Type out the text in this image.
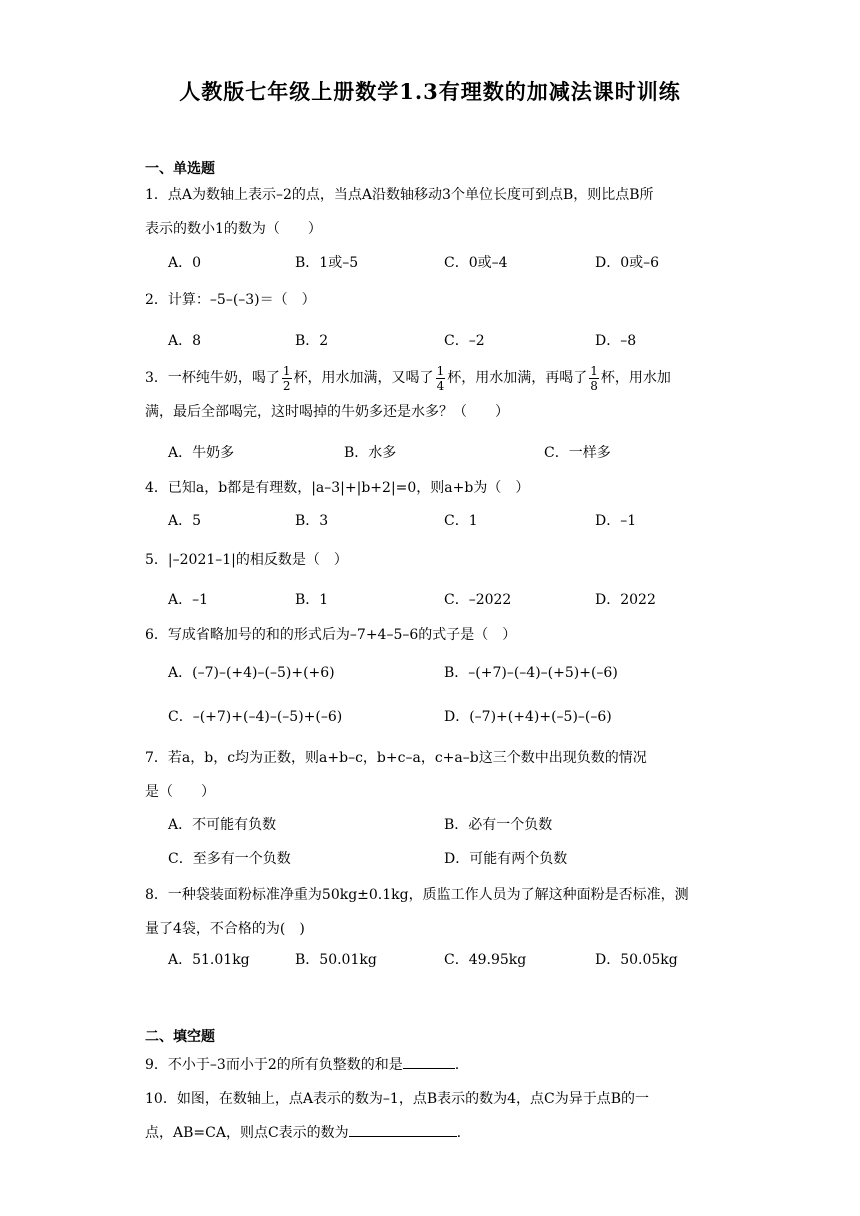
人教版七年级上册数学1.3有理数的加减法课时训练
一、单选题
1．点A为数轴上表示–2的点，当点A沿数轴移动3个单位长度可到点B，则比点B所
表示的数小1的数为（　　）
A．0	B．1或–5	C．0或–4	D．0或–6
2．计算：–5–(–3)＝（　）
A．8	B．2	C．–2	D．–8
3．一杯纯牛奶，喝了 $\frac{1}{2}$ 杯，用水加满，又喝了 $\frac{1}{4}$ 杯，用水加满，再喝了 $\frac{1}{8}$ 杯，用水加
满，最后全部喝完，这时喝掉的牛奶多还是水多？（　　）
A．牛奶多	B．水多	C．一样多
4．已知a，b都是有理数，|a–3|+|b+2|=0，则a+b为（　）
A．5	B．3	C．1	D．–1
5．|–2021–1|的相反数是（　）
A．–1	B．1	C．–2022	D．2022
6．写成省略加号的和的形式后为–7+4–5–6的式子是（　）
A．(–7)–(+4)–(–5)+(+6)	B．–(+7)–(–4)–(+5)+(–6)
C．–(+7)+(–4)–(–5)+(–6)	D．(–7)+(+4)+(–5)–(–6)
7．若a，b，c均为正数，则a+b–c，b+c–a，c+a–b这三个数中出现负数的情况
是（　　）
A．不可能有负数	B．必有一个负数
C．至多有一个负数	D．可能有两个负数
8．一种袋装面粉标准净重为50kg±0.1kg，质监工作人员为了解这种面粉是否标准，测
量了4袋，不合格的为(　)
A．51.01kg	B．50.01kg	C．49.95kg	D．50.05kg
二、填空题
9．不小于–3而小于2的所有负整数的和是	.
10．如图，在数轴上，点A表示的数为–1，点B表示的数为4，点C为异于点B的一
点，AB=CA，则点C表示的数为	.
